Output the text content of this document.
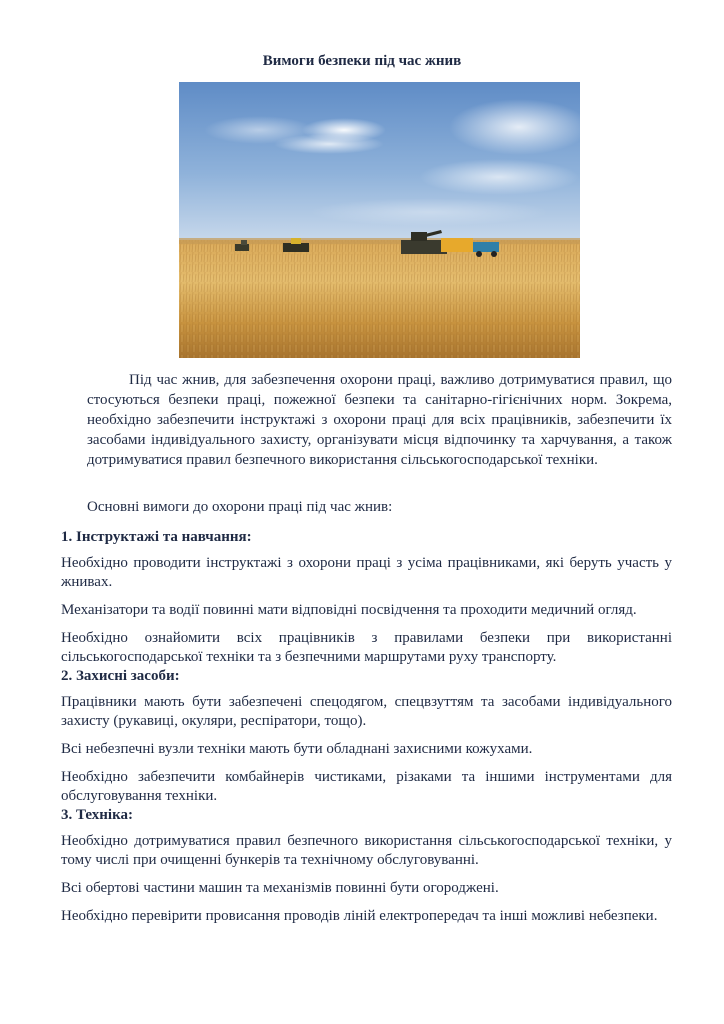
Вимоги безпеки під час жнив

Під час жнив, для забезпечення охорони праці, важливо дотримуватися правил, що стосуються безпеки праці, пожежної безпеки та санітарно-гігієнічних норм. Зокрема, необхідно забезпечити інструктажі з охорони праці для всіх працівників, забезпечити їх засобами індивідуального захисту, організувати місця відпочинку та харчування, а також дотримуватися правил безпечного використання сільськогосподарської техніки.

Основні вимоги до охорони праці під час жнив:

1. Інструктажі та навчання:

Необхідно проводити інструктажі з охорони праці з усіма працівниками, які беруть участь у жнивах.

Механізатори та водії повинні мати відповідні посвідчення та проходити медичний огляд.

Необхідно ознайомити всіх працівників з правилами безпеки при використанні сільськогосподарської техніки та з безпечними маршрутами руху транспорту.

2. Захисні засоби:

Працівники мають бути забезпечені спецодягом, спецвзуттям та засобами індивідуального захисту (рукавиці, окуляри, респіратори, тощо).

Всі небезпечні вузли техніки мають бути обладнані захисними кожухами.

Необхідно забезпечити комбайнерів чистиками, різаками та іншими інструментами для обслуговування техніки.

3. Техніка:

Необхідно дотримуватися правил безпечного використання сільськогосподарської техніки, у тому числі при очищенні бункерів та технічному обслуговуванні.

Всі обертові частини машин та механізмів повинні бути огороджені.

Необхідно перевірити провисання проводів ліній електропередач та інші можливі небезпеки.
